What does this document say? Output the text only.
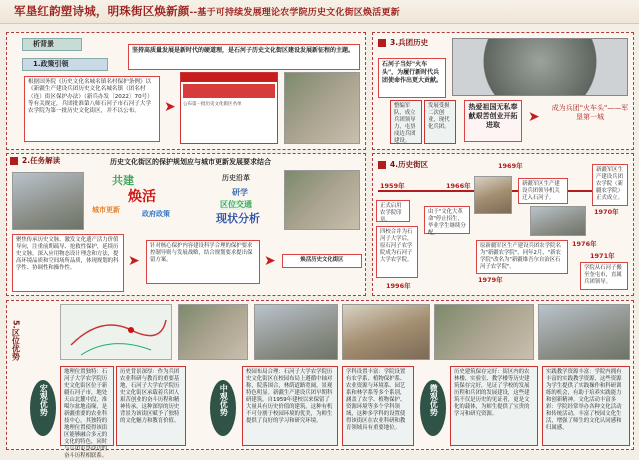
军垦红韵塑诗城，明珠街区焕新颜--基于可持续发展理论农学院历史文化街区焕活更新
析背景
1.政策引领
坚持高质量发展是新时代的硬道理，是石河子历史文化街区建设发展新征程的主题。
根据国务院《历史文化名城名镇名村保护条例》以《新疆生产建设兵团历史文化名城名镇（团名村（连）街区保护办法）（新兵办发〔2022〕70号）等有关规定，兵团批准第八师石河子市石河子大学农学院为第一批历史文化街区，并不以公布。	➤	公布第一批历史文化街区名单
2.任务解读	历史文化街区的保护规划应与城市更新发展要求结合
共建
焕活
城市更新	政府政策
历史沿革
研学
区位交通
现状分析
聚焦传承历史文脉、激发文化遗产活力价值导向，注重前期疏导、抢救性保护，延续历史文脉，深入应用物态设计理念和方法，提高环境品质和空间场所品质，体现规划的科学性、协调性和操作性。	➤
针对核心保护内容建设科学合理的保护要求控制导则与发展战略，结合规划要求提出保留方案。	➤	焕活历史文化街区
3.兵团历史
石河子当好"火车头"，为履行新时代兵团使命作出更大贡献。
整编军队，成立兵团领导力，屯垦戍边兵团建设。
发展受损二次创业，现代化兵团。
热爱祖国无私奉献艰苦创业开拓进取
➤
成为兵团"火车头"——军垦第一城
4.历史街区
1959年	1966年
1969年
1970年
1996年
1979年
1976年
1971年
正式启用农学院印章。
由于"文化大革命"停止招生，毕业学生继续分配。
新疆军区生产建设兵团领导机关迁入石河子。
新疆军区生产建设兵团农学院（新疆农学院）正式成立。
四校合并为石河子大学后，原石河子农学院成为石河子大学农学院。
原新疆军区生产建设兵团农学院名为"新疆农学院"，同年2月，"新农学院"改名为"新疆维吾尔自治区石河子农学院"。	学院从石河子搬至奎屯市，直属兵团领导。
5.区位优势
宏观优势
地理位置独特：石河子大学农学院历史文化街区位于新疆石河子市，地处天山北麓中段，准噶尔盆地南缘，是新疆重要的农业科技中心，其独特的地理位置使得该街区能够融合多元的文化的特色，同时与兵团屯垦戍边的奋斗历程相联系。
历史背景深厚：作为兵团农业科研与教育的重要基地，石河子大学农学院历史文化街区承载着兵团人艰苦创业的奋斗历程和精神传承，这种深厚的历史背景为该街区赋予了独特的文化魅力和教育价值。
中观优势
校园布局合理：石河子大学农学院历史文化街区在校园布局上遵循中轴对称，院落围合，林荫道路宽阔，景观特色明显。新疆生产建设兵团早期科研建筑，自1959年建校以来保留了大量具有历史价值的建筑，这种有机不可分割于校园环境的优美，为师生提供了良好的学习和研究环境。
学科设置丰富：学院设置有农学系、植物保护系、农业资源与环境系、园艺系和林学系等多个系别，涵盖了农学、植物保护、资源环境等多个学科领域，这种多学科的设置使得该街区在农业科研和教育领域具有重要地位。
微观优势
历史建筑保存完好：街区内的农林楼、实验室、教学楼等历史建筑保存完好，见证了学校的发展历程和兵团的发展建设，这些建筑不仅是历史的见证者，更是文化的载体，为师生提供了宝贵的学习和研究资源。
实践教学资源丰富：学院内拥有丰富的实践教学资源，这些资源为学生提供了实践操作和科研训练的机会，有助于培养实践能力和创新精神。文化活动丰富多彩：学院经常举办各种文化活动和传统活动，丰富了校园文化生活，增强了师生的文化认同感和归属感。
